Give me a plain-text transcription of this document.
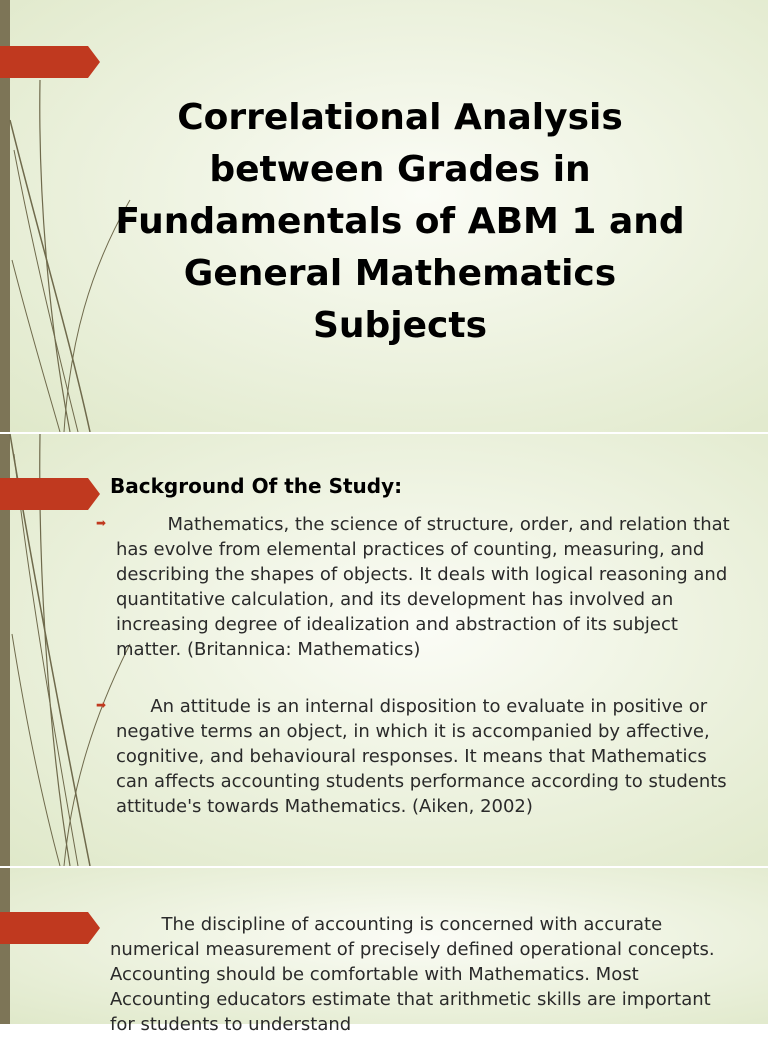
Correlational Analysis between Grades in Fundamentals of ABM 1 and General Mathematics Subjects
Background Of the Study:
➡ Mathematics, the science of structure, order, and relation that has evolve from elemental practices of counting, measuring, and describing the shapes of objects. It deals with logical reasoning and quantitative calculation, and its development has involved an increasing degree of idealization and abstraction of its subject matter. (Britannica: Mathematics)
➡ An attitude is an internal disposition to evaluate in positive or negative terms an object, in which it is accompanied by affective, cognitive, and behavioural responses. It means that Mathematics can affects accounting students performance according to students attitude's towards Mathematics. (Aiken, 2002)
The discipline of accounting is concerned with accurate numerical measurement of precisely defined operational concepts. Accounting should be comfortable with Mathematics. Most Accounting educators estimate that arithmetic skills are important for students to understand
